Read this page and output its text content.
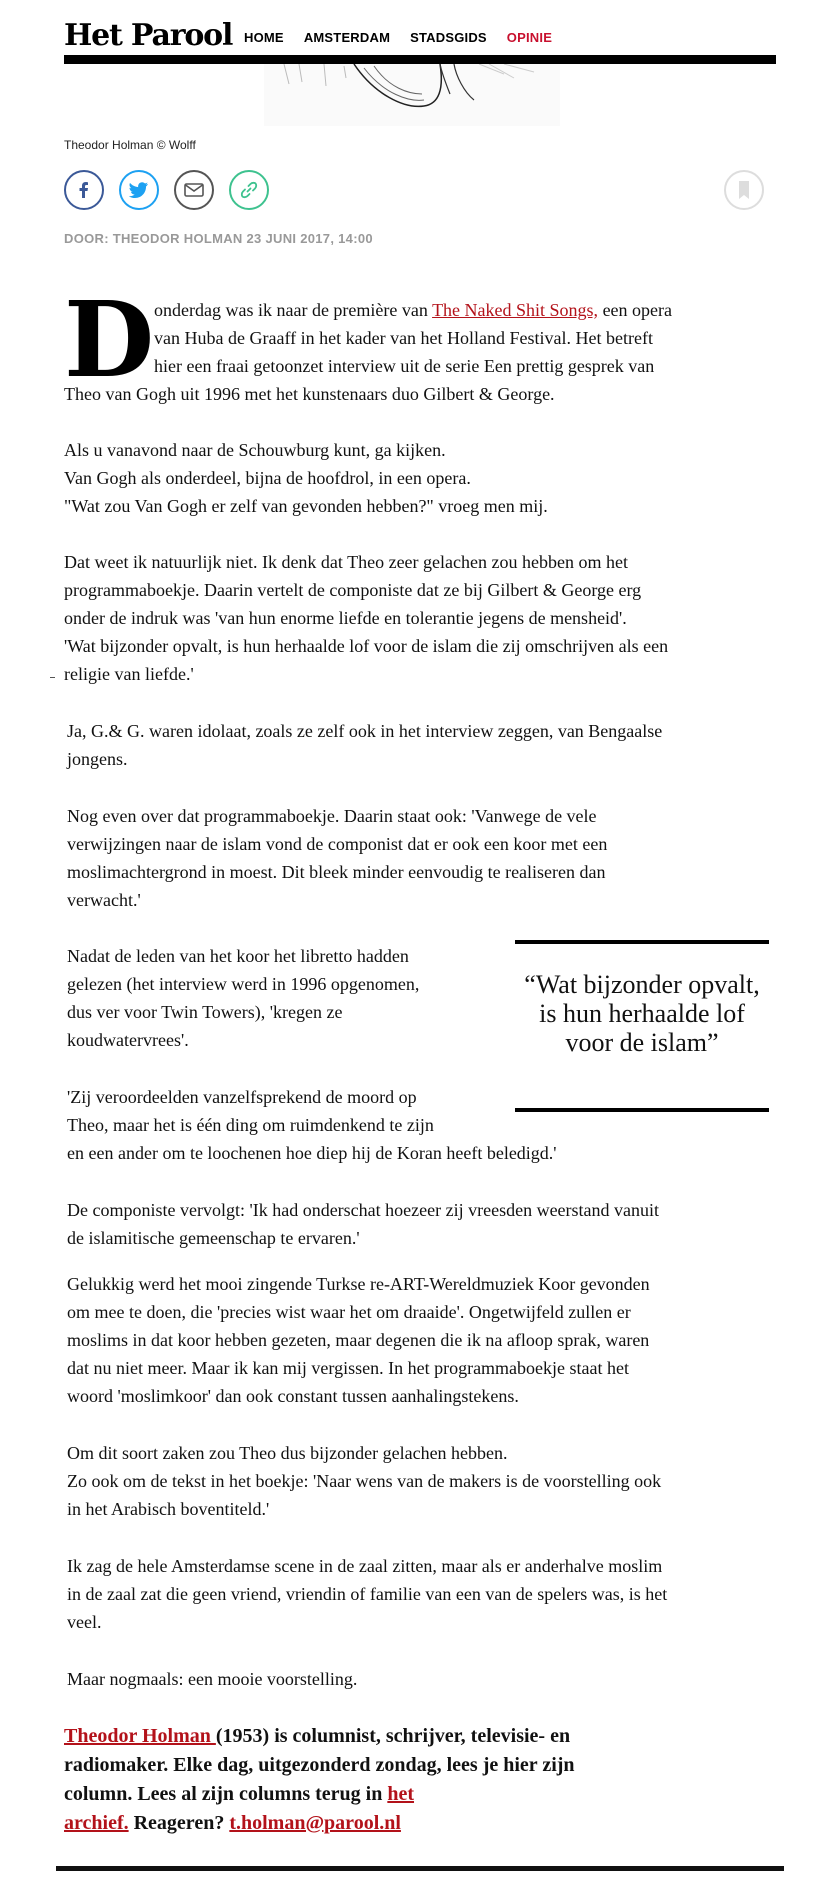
Het Parool HOME AMSTERDAM STADSGIDS OPINIE
Theodor Holman © Wolff
DOOR: THEODOR HOLMAN 23 JUNI 2017, 14:00
D onderdag was ik naar de première van The Naked Shit Songs, een opera

van Huba de Graaff in het kader van het Holland Festival. Het betreft

hier een fraai getoonzet interview uit de serie Een prettig gesprek van

Theo van Gogh uit 1996 met het kunstenaars duo Gilbert & George.

Als u vanavond naar de Schouwburg kunt, ga kijken.

Van Gogh als onderdeel, bijna de hoofdrol, in een opera.

"Wat zou Van Gogh er zelf van gevonden hebben?" vroeg men mij.

Dat weet ik natuurlijk niet. Ik denk dat Theo zeer gelachen zou hebben om het

programmaboekje. Daarin vertelt de componiste dat ze bij Gilbert & George erg

onder de indruk was 'van hun enorme liefde en tolerantie jegens de mensheid'.

'Wat bijzonder opvalt, is hun herhaalde lof voor de islam die zij omschrijven als een

religie van liefde.'

Ja, G.& G. waren idolaat, zoals ze zelf ook in het interview zeggen, van Bengaalse

jongens.

Nog even over dat programmaboekje. Daarin staat ook: 'Vanwege de vele

verwijzingen naar de islam vond de componist dat er ook een koor met een

moslimachtergrond in moest. Dit bleek minder eenvoudig te realiseren dan

verwacht.'

Nadat de leden van het koor het libretto hadden

gelezen (het interview werd in 1996 opgenomen,

dus ver voor Twin Towers), 'kregen ze

koudwatervrees'.

'Zij veroordeelden vanzelfsprekend de moord op

Theo, maar het is één ding om ruimdenkend te zijn

en een ander om te loochenen hoe diep hij de Koran heeft beledigd.'

De componiste vervolgt: 'Ik had onderschat hoezeer zij vreesden weerstand vanuit

de islamitische gemeenschap te ervaren.'

Gelukkig werd het mooi zingende Turkse re-ART-Wereldmuziek Koor gevonden

om mee te doen, die 'precies wist waar het om draaide'. Ongetwijfeld zullen er

moslims in dat koor hebben gezeten, maar degenen die ik na afloop sprak, waren

dat nu niet meer. Maar ik kan mij vergissen. In het programmaboekje staat het

woord 'moslimkoor' dan ook constant tussen aanhalingstekens.

Om dit soort zaken zou Theo dus bijzonder gelachen hebben.

Zo ook om de tekst in het boekje: 'Naar wens van de makers is de voorstelling ook

in het Arabisch boventiteld.'

Ik zag de hele Amsterdamse scene in de zaal zitten, maar als er anderhalve moslim

in de zaal zat die geen vriend, vriendin of familie van een van de spelers was, is het

veel.

Maar nogmaals: een mooie voorstelling.

“Wat bijzonder opvalt, is hun herhaalde lof voor de islam”
Theodor Holman (1953) is columnist, schrijver, televisie- en
radiomaker. Elke dag, uitgezonderd zondag, lees je hier zijn
column. Lees al zijn columns terug in het
archief. Reageren? t.holman@parool.nl
